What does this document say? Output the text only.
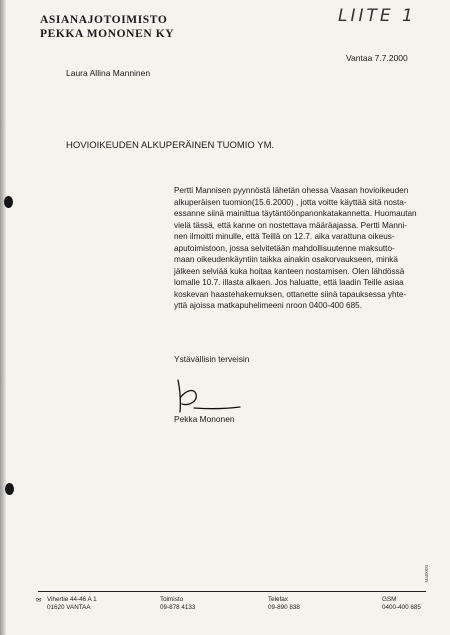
ASIANAJOTOIMISTO
PEKKA MONONEN KY
LIITE 1
Vantaa 7.7.2000
Laura Allina Manninen
HOVIOIKEUDEN ALKUPERÄINEN TUOMIO YM.
Pertti Mannisen pyynnöstä lähetän ohessa Vaasan hovioikeuden
alkuperäisen tuomion(15.6.2000) , jotta voitte käyttää sitä nosta-
essanne siinä mainittua täytäntöönpanonkatakannetta. Huomautan
vielä tässä, että kanne on nostettava määräajassa. Pertti Manni-
nen ilmoitti minulle, että Teillä on 12.7. aika varattuna oikeus-
aputoimistoon, jossa selvitetään mahdollisuutenne maksutto-
maan oikeudenkäyntiin taikka ainakin osakorvaukseen, minkä
jälkeen selviää kuka hoitaa kanteen nostamisen. Olen lähdössä
lomalle 10.7. illasta alkaen. Jos haluatte, että laadin Teille asiaa
koskevan haastehakemuksen, ottanette siinä tapauksessa yhte-
yttä ajoissa matkapuhelimeeni nroon 0400-400 685.
Ystävällisin terveisin
Pekka Mononen
Mat0000
✉ Vihertie 44-46 A 1
01620 VANTAA
Toimisto
09-878 4133
Telefax
09-890 838
GSM
0400-400 685
